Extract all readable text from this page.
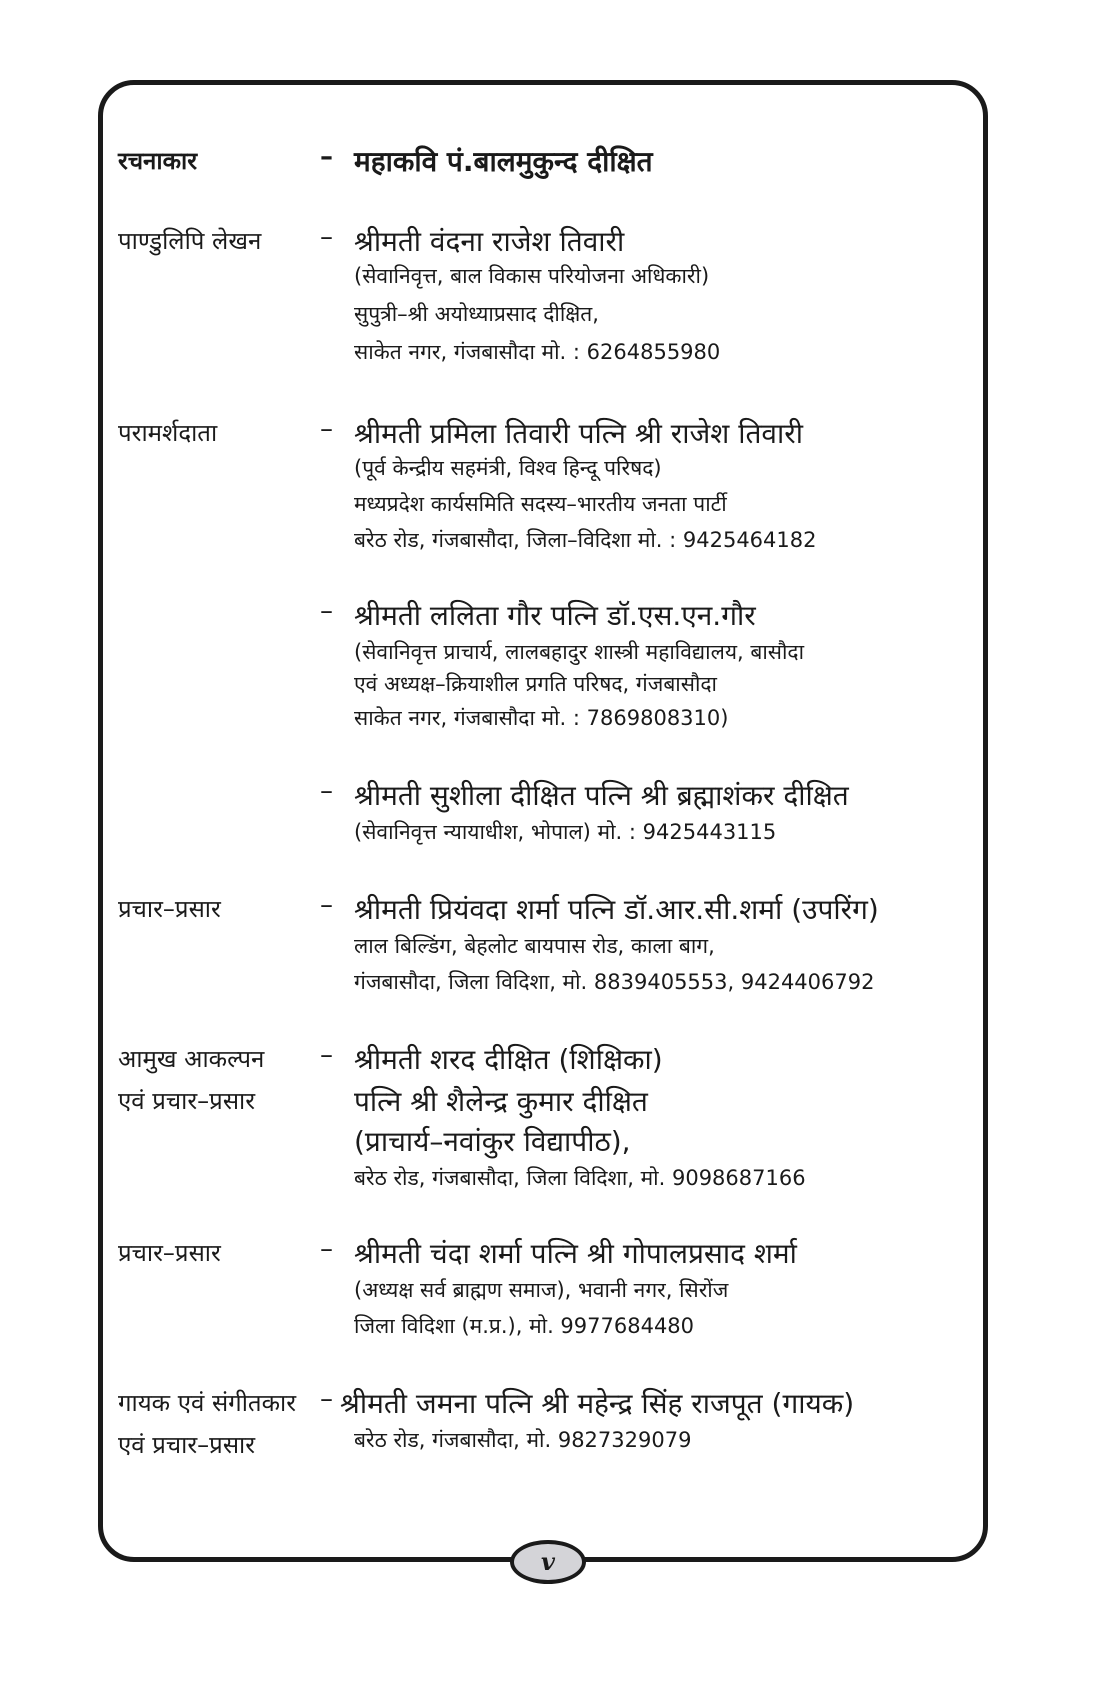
रचनाकार	– महाकवि पं.बालमुकुन्द दीक्षित
पाण्डुलिपि लेखन – श्रीमती वंदना राजेश तिवारी
(सेवानिवृत्त, बाल विकास परियोजना अधिकारी)
सुपुत्री–श्री अयोध्याप्रसाद दीक्षित,
साकेत नगर, गंजबासौदा मो. : 6264855980
परामर्शदाता	– श्रीमती प्रमिला तिवारी पत्नि श्री राजेश तिवारी
(पूर्व केन्द्रीय सहमंत्री, विश्व हिन्दू परिषद)
मध्यप्रदेश कार्यसमिति सदस्य–भारतीय जनता पार्टी
बरेठ रोड, गंजबासौदा, जिला–विदिशा मो. : 9425464182
– श्रीमती ललिता गौर पत्नि डॉ.एस.एन.गौर
(सेवानिवृत्त प्राचार्य, लालबहादुर शास्त्री महाविद्यालय, बासौदा
एवं अध्यक्ष–क्रियाशील प्रगति परिषद, गंजबासौदा
साकेत नगर, गंजबासौदा मो. : 7869808310)
– श्रीमती सुशीला दीक्षित पत्नि श्री ब्रह्माशंकर दीक्षित
(सेवानिवृत्त न्यायाधीश, भोपाल) मो. : 9425443115
प्रचार–प्रसार	– श्रीमती प्रियंवदा शर्मा पत्नि डॉ.आर.सी.शर्मा (उपरिंग)
लाल बिल्डिंग, बेहलोट बायपास रोड, काला बाग,
गंजबासौदा, जिला विदिशा, मो. 8839405553, 9424406792
आमुख आकल्पन
एवं प्रचार–प्रसार
– श्रीमती शरद दीक्षित (शिक्षिका)
पत्नि श्री शैलेन्द्र कुमार दीक्षित
(प्राचार्य–नवांकुर विद्यापीठ),
बरेठ रोड, गंजबासौदा, जिला विदिशा, मो. 9098687166
प्रचार–प्रसार	– श्रीमती चंदा शर्मा पत्नि श्री गोपालप्रसाद शर्मा
(अध्यक्ष सर्व ब्राह्मण समाज), भवानी नगर, सिरोंज
जिला विदिशा (म.प्र.), मो. 9977684480
गायक एवं संगीतकार
एवं प्रचार–प्रसार
– श्रीमती जमना पत्नि श्री महेन्द्र सिंह राजपूत (गायक)
बरेठ रोड, गंजबासौदा, मो. 9827329079
v
